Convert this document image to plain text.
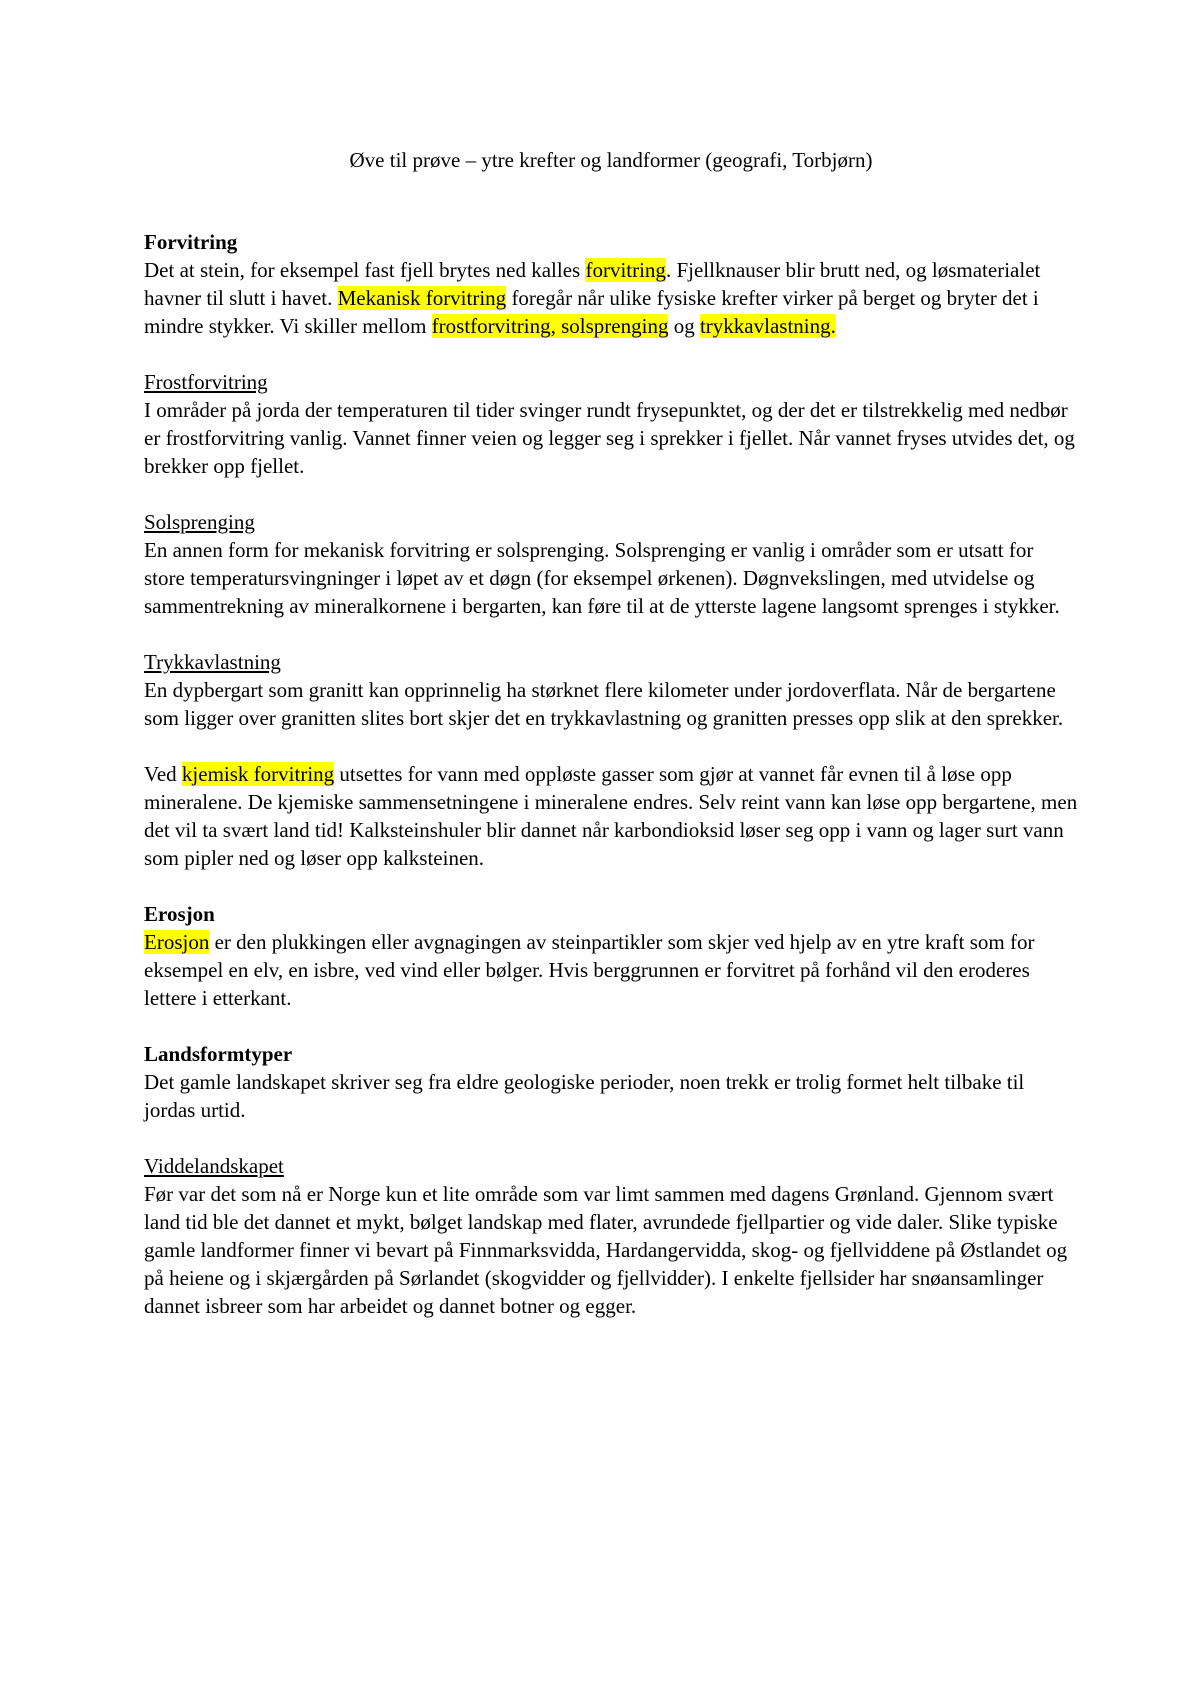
Øve til prøve – ytre krefter og landformer (geografi, Torbjørn)

Forvitring

Det at stein, for eksempel fast fjell brytes ned kalles forvitring. Fjellknauser blir brutt ned, og løsmaterialet havner til slutt i havet. Mekanisk forvitring foregår når ulike fysiske krefter virker på berget og bryter det i mindre stykker. Vi skiller mellom frostforvitring, solsprenging og trykkavlastning.

Frostforvitring

I områder på jorda der temperaturen til tider svinger rundt frysepunktet, og der det er tilstrekkelig med nedbør er frostforvitring vanlig. Vannet finner veien og legger seg i sprekker i fjellet. Når vannet fryses utvides det, og brekker opp fjellet.

Solsprenging

En annen form for mekanisk forvitring er solsprenging. Solsprenging er vanlig i områder som er utsatt for store temperatursvingninger i løpet av et døgn (for eksempel ørkenen). Døgnvekslingen, med utvidelse og sammentrekning av mineralkornene i bergarten, kan føre til at de ytterste lagene langsomt sprenges i stykker.

Trykkavlastning

En dypbergart som granitt kan opprinnelig ha størknet flere kilometer under jordoverflata. Når de bergartene som ligger over granitten slites bort skjer det en trykkavlastning og granitten presses opp slik at den sprekker.

Ved kjemisk forvitring utsettes for vann med oppløste gasser som gjør at vannet får evnen til å løse opp mineralene. De kjemiske sammensetningene i mineralene endres. Selv reint vann kan løse opp bergartene, men det vil ta svært land tid! Kalksteinshuler blir dannet når karbondioksid løser seg opp i vann og lager surt vann som pipler ned og løser opp kalksteinen.

Erosjon

Erosjon er den plukkingen eller avgnagingen av steinpartikler som skjer ved hjelp av en ytre kraft som for eksempel en elv, en isbre, ved vind eller bølger. Hvis berggrunnen er forvitret på forhånd vil den eroderes lettere i etterkant.

Landsformtyper

Det gamle landskapet skriver seg fra eldre geologiske perioder, noen trekk er trolig formet helt tilbake til jordas urtid.

Viddelandskapet

Før var det som nå er Norge kun et lite område som var limt sammen med dagens Grønland. Gjennom svært land tid ble det dannet et mykt, bølget landskap med flater, avrundede fjellpartier og vide daler. Slike typiske gamle landformer finner vi bevart på Finnmarksvidda, Hardangervidda, skog- og fjellviddene på Østlandet og på heiene og i skjærgården på Sørlandet (skogvidder og fjellvidder). I enkelte fjellsider har snøansamlinger dannet isbreer som har arbeidet og dannet botner og egger.
